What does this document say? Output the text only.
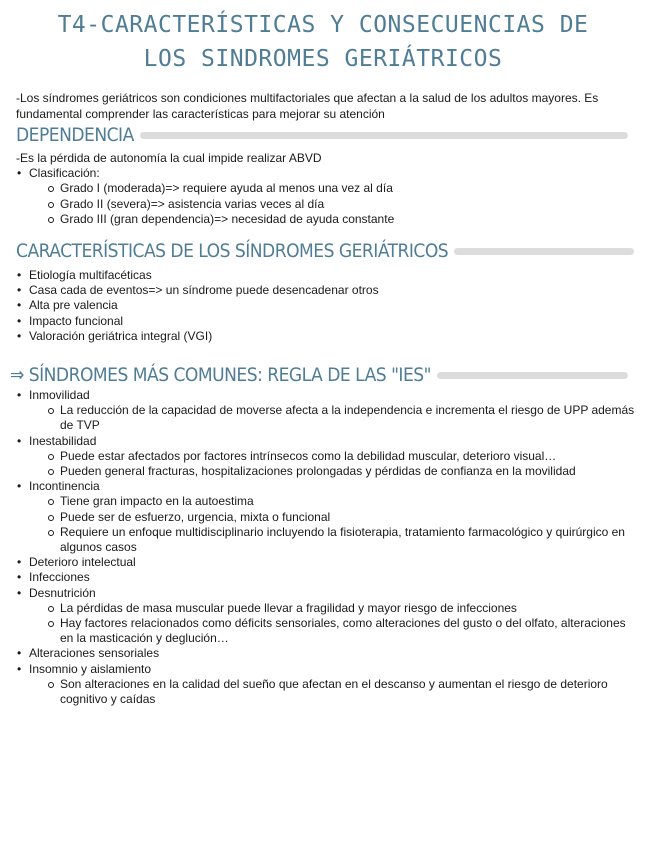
T4-CARACTERÍSTICAS Y CONSECUENCIAS DE
LOS SINDROMES GERIÁTRICOS
-Los síndromes geriátricos son condiciones multifactoriales que afectan a la salud de los adultos mayores. Es fundamental comprender las características para mejorar su atención
DEPENDENCIA
-Es la pérdida de autonomía la cual impide realizar ABVD
• Clasificación:
Grado I (moderada)=> requiere ayuda al menos una vez al día
Grado II (severa)=> asistencia varias veces al día
Grado III (gran dependencia)=> necesidad de ayuda constante
CARACTERÍSTICAS DE LOS SÍNDROMES GERIÁTRICOS
• Etiología multifacéticas
• Casa cada de eventos=> un síndrome puede desencadenar otros
• Alta pre valencia
• Impacto funcional
• Valoración geriátrica integral (VGI)
⇒ SÍNDROMES MÁS COMUNES: REGLA DE LAS "IES"
• Inmovilidad
La reducción de la capacidad de moverse afecta a la independencia e incrementa el riesgo de UPP además de TVP
• Inestabilidad
Puede estar afectados por factores intrínsecos como la debilidad muscular, deterioro visual…
Pueden general fracturas, hospitalizaciones prolongadas y pérdidas de confianza en la movilidad
• Incontinencia
Tiene gran impacto en la autoestima
Puede ser de esfuerzo, urgencia, mixta o funcional
Requiere un enfoque multidisciplinario incluyendo la fisioterapia, tratamiento farmacológico y quirúrgico en algunos casos
• Deterioro intelectual
• Infecciones
• Desnutrición
La pérdidas de masa muscular puede llevar a fragilidad y mayor riesgo de infecciones
Hay factores relacionados como déficits sensoriales, como alteraciones del gusto o del olfato, alteraciones en la masticación y deglución…
• Alteraciones sensoriales
• Insomnio y aislamiento
Son alteraciones en la calidad del sueño que afectan en el descanso y aumentan el riesgo de deterioro cognitivo y caídas
